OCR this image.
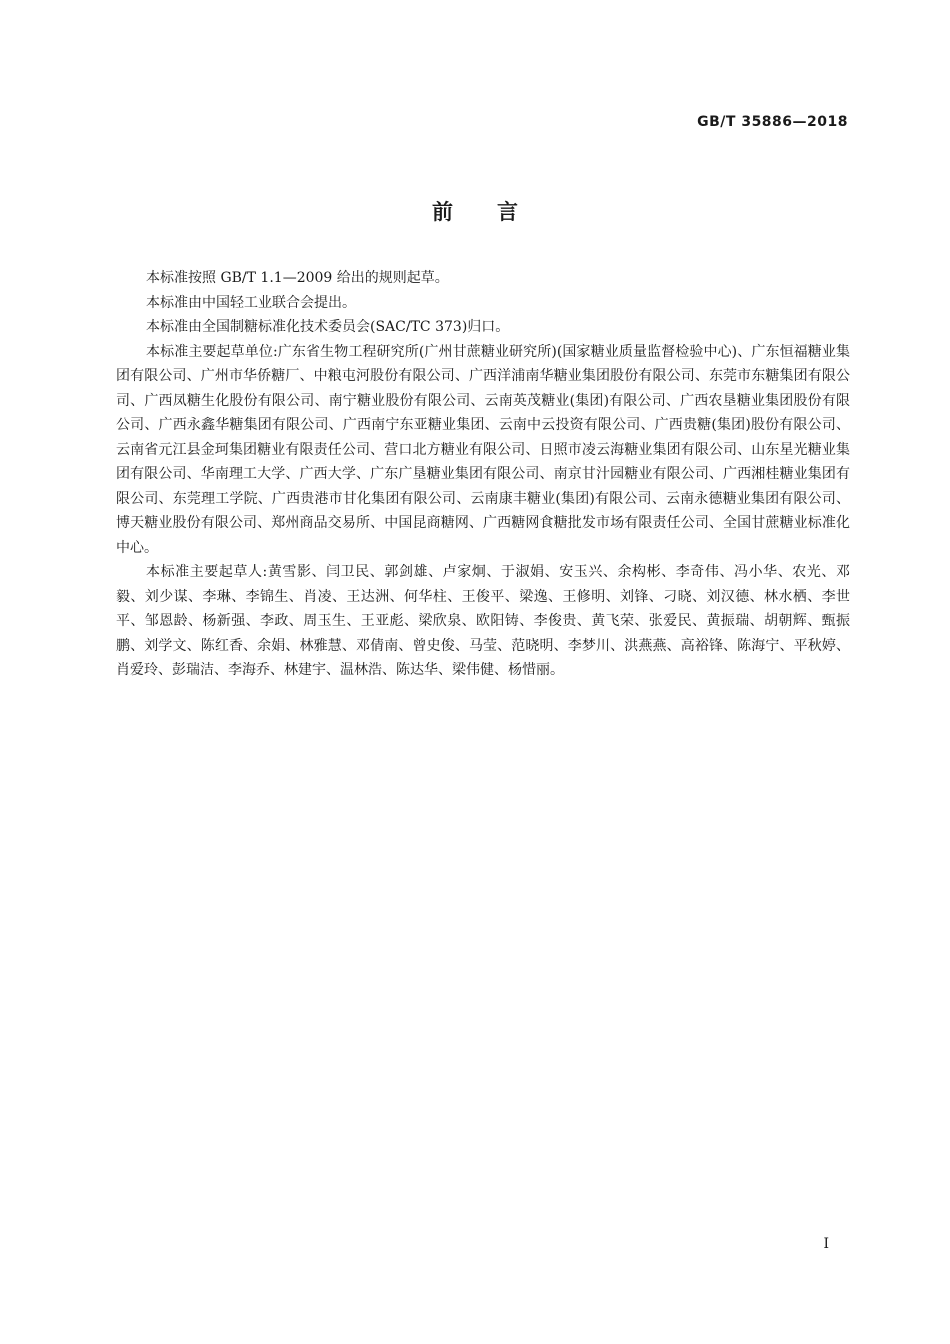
GB/T 35886—2018
前言

本标准按照 GB/T 1.1—2009 给出的规则起草。

本标准由中国轻工业联合会提出。

本标准由全国制糖标准化技术委员会(SAC/TC 373)归口。

本标准主要起草单位:广东省生物工程研究所(广州甘蔗糖业研究所)(国家糖业质量监督检验中心)、广东恒福糖业集团有限公司、广州市华侨糖厂、中粮屯河股份有限公司、广西洋浦南华糖业集团股份有限公司、东莞市东糖集团有限公司、广西凤糖生化股份有限公司、南宁糖业股份有限公司、云南英茂糖业(集团)有限公司、广西农垦糖业集团股份有限公司、广西永鑫华糖集团有限公司、广西南宁东亚糖业集团、云南中云投资有限公司、广西贵糖(集团)股份有限公司、云南省元江县金珂集团糖业有限责任公司、营口北方糖业有限公司、日照市凌云海糖业集团有限公司、山东星光糖业集团有限公司、华南理工大学、广西大学、广东广垦糖业集团有限公司、南京甘汁园糖业有限公司、广西湘桂糖业集团有限公司、东莞理工学院、广西贵港市甘化集团有限公司、云南康丰糖业(集团)有限公司、云南永德糖业集团有限公司、博天糖业股份有限公司、郑州商品交易所、中国昆商糖网、广西糖网食糖批发市场有限责任公司、全国甘蔗糖业标准化中心。

本标准主要起草人:黄雪影、闫卫民、郭剑雄、卢家炯、于淑娟、安玉兴、余构彬、李奇伟、冯小华、农光、邓毅、刘少谋、李琳、李锦生、肖凌、王达洲、何华柱、王俊平、梁逸、王修明、刘锋、刁晓、刘汉德、林水栖、李世平、邹恩龄、杨新强、李政、周玉生、王亚彪、梁欣泉、欧阳铸、李俊贵、黄飞荣、张爱民、黄振瑞、胡朝辉、甄振鹏、刘学文、陈红香、余娟、林雅慧、邓倩南、曾史俊、马莹、范晓明、李梦川、洪燕燕、高裕锋、陈海宁、平秋婷、肖爱玲、彭瑞洁、李海乔、林建宇、温林浩、陈达华、梁伟健、杨惜丽。

I
